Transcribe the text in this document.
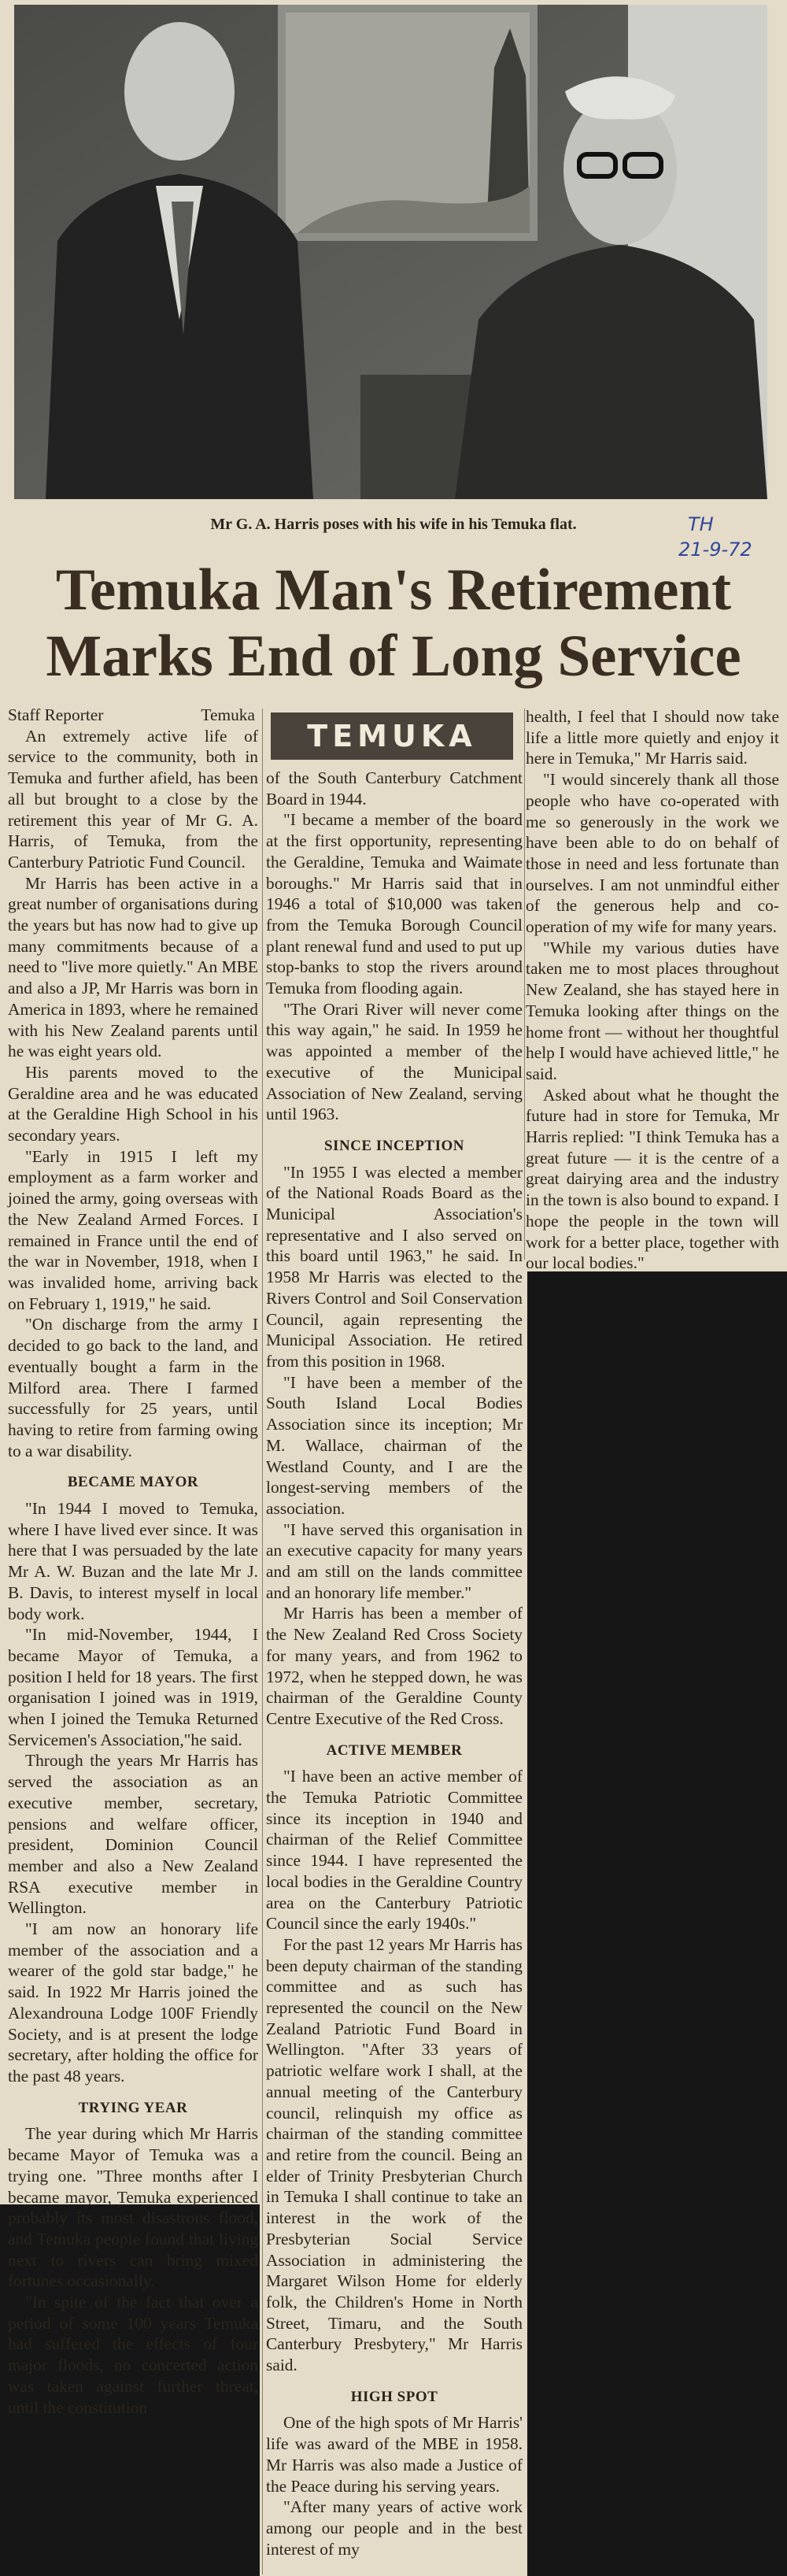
Mr G. A. Harris poses with his wife in his Temuka flat.	TH
21-9-72
Temuka Man's Retirement
Marks End of Long Service
TEMUKA
Staff Reporter	Temuka

An extremely active life of service to the community, both in Temuka and further afield, has been all but brought to a close by the retirement this year of Mr G. A. Harris, of Temuka, from the Canterbury Patriotic Fund Council.

Mr Harris has been active in a great number of organisations during the years but has now had to give up many commitments because of a need to "live more quietly." An MBE and also a JP, Mr Harris was born in America in 1893, where he remained with his New Zealand parents until he was eight years old.

His parents moved to the Geraldine area and he was educated at the Geraldine High School in his secondary years.

"Early in 1915 I left my employment as a farm worker and joined the army, going overseas with the New Zealand Armed Forces. I remained in France until the end of the war in November, 1918, when I was invalided home, arriving back on February 1, 1919," he said.

"On discharge from the army I decided to go back to the land, and eventually bought a farm in the Milford area. There I farmed successfully for 25 years, until having to retire from farming owing to a war disability.

BECAME MAYOR

"In 1944 I moved to Temuka, where I have lived ever since. It was here that I was persuaded by the late Mr A. W. Buzan and the late Mr J. B. Davis, to interest myself in local body work.

"In mid-November, 1944, I became Mayor of Temuka, a position I held for 18 years. The first organisation I joined was in 1919, when I joined the Temuka Returned Servicemen's Association,"he said.

Through the years Mr Harris has served the association as an executive member, secretary, pensions and welfare officer, president, Dominion Council member and also a New Zealand RSA executive member in Wellington.

"I am now an honorary life member of the association and a wearer of the gold star badge," he said. In 1922 Mr Harris joined the Alexandrouna Lodge 100F Friendly Society, and is at present the lodge secretary, after holding the office for the past 48 years.

TRYING YEAR

The year during which Mr Harris became Mayor of Temuka was a trying one. "Three months after I became mayor, Temuka experienced probably its most disastrous flood, and Temuka people found that living next to rivers can bring mixed fortunes occasionally.

"In spite of the fact that over a period of some 100 years Temuka had suffered the effects of four major floods, no concerted action was taken against further threat, until the constitution

of the South Canterbury Catchment Board in 1944.

"I became a member of the board at the first opportunity, representing the Geraldine, Temuka and Waimate boroughs." Mr Harris said that in 1946 a total of $10,000 was taken from the Temuka Borough Council plant renewal fund and used to put up stop-banks to stop the rivers around Temuka from flooding again.

"The Orari River will never come this way again," he said. In 1959 he was appointed a member of the executive of the Municipal Association of New Zealand, serving until 1963.

SINCE INCEPTION

"In 1955 I was elected a member of the National Roads Board as the Municipal Association's representative and I also served on this board until 1963," he said. In 1958 Mr Harris was elected to the Rivers Control and Soil Conservation Council, again representing the Municipal Association. He retired from this position in 1968.

"I have been a member of the South Island Local Bodies Association since its inception; Mr M. Wallace, chairman of the Westland County, and I are the longest-serving members of the association.

"I have served this organisation in an executive capacity for many years and am still on the lands committee and an honorary life member."

Mr Harris has been a member of the New Zealand Red Cross Society for many years, and from 1962 to 1972, when he stepped down, he was chairman of the Geraldine County Centre Executive of the Red Cross.

ACTIVE MEMBER

"I have been an active member of the Temuka Patriotic Committee since its inception in 1940 and chairman of the Relief Committee since 1944. I have represented the local bodies in the Geraldine Country area on the Canterbury Patriotic Council since the early 1940s."

For the past 12 years Mr Harris has been deputy chairman of the standing committee and as such has represented the council on the New Zealand Patriotic Fund Board in Wellington. "After 33 years of patriotic welfare work I shall, at the annual meeting of the Canterbury council, relinquish my office as chairman of the standing committee and retire from the council. Being an elder of Trinity Presbyterian Church in Temuka I shall continue to take an interest in the work of the Presbyterian Social Service Association in administering the Margaret Wilson Home for elderly folk, the Children's Home in North Street, Timaru, and the South Canterbury Presbytery," Mr Harris said.

HIGH SPOT

One of the high spots of Mr Harris' life was award of the MBE in 1958. Mr Harris was also made a Justice of the Peace during his serving years.

"After many years of active work among our people and in the best interest of my

health, I feel that I should now take life a little more quietly and enjoy it here in Temuka," Mr Harris said.

"I would sincerely thank all those people who have co-operated with me so generously in the work we have been able to do on behalf of those in need and less fortunate than ourselves. I am not unmindful either of the generous help and co-operation of my wife for many years.

"While my various duties have taken me to most places throughout New Zealand, she has stayed here in Temuka looking after things on the home front — without her thoughtful help I would have achieved little," he said.

Asked about what he thought the future had in store for Temuka, Mr Harris replied: "I think Temuka has a great future — it is the centre of a great dairying area and the industry in the town is also bound to expand. I hope the people in the town will work for a better place, together with our local bodies."
